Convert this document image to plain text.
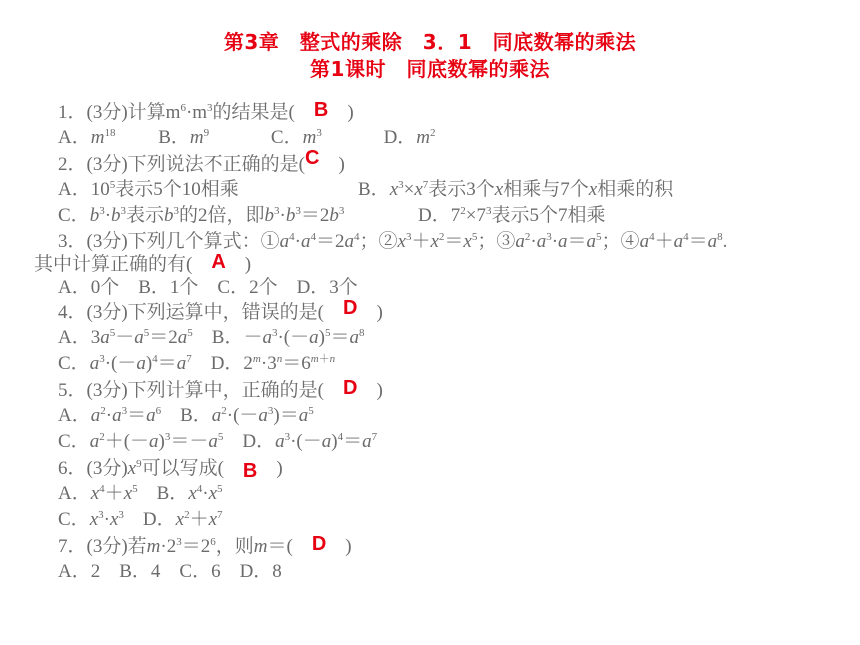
第3章　整式的乘除　3．1　同底数幂的乘法
第1课时　同底数幂的乘法
1．(3分)计算$m^6\cdot m^3$的结果是(　B　)
A．$m^{18}$　　 B．$m^9$　　　 C．$m^3$　　　 D．$m^2$
2．(3分)下列说法不正确的是(C　)
A．$10^5$表示5个10相乘	B．$x^3\times x^7$表示3个x相乘与7个x相乘的积
C．$b^3\cdot b^3$表示$b^3$的2倍，即$b^3\cdot b^3=2b^3$	D．$7^2\times 7^3$表示5个7相乘
3．(3分)下列几个算式：$①a^4\cdot a^4=2a^4$；$②x^3+x^2=x^5$；$③a^2\cdot a^3\cdot a=a^5$；$④a^4+a^4=a^8$.
其中计算正确的有(　A　)
A．0个　B．1个　C．2个　D．3个
4．(3分)下列运算中，错误的是(　D　)
A．$3a^5-a^5=2a^5$　B．$-a^3\cdot(-a)^5=a^8$
C．$a^3\cdot(-a)^4=a^7$　D．$2^m\cdot 3^n=6^{m+n}$
5．(3分)下列计算中，正确的是(　D　)
A．$a^2\cdot a^3=a^6$　B．$a^2\cdot(-a^3)=a^5$
C．$a^2+(-a)^3=-a^5$　D．$a^3\cdot(-a)^4=a^7$
6．(3分)$x^9$可以写成(　B　)
A．$x^4+x^5$　B．$x^4\cdot x^5$
C．$x^3\cdot x^3$　D．$x^2+x^7$
7．(3分)若$m\cdot 2^3=2^6$，则m＝(　D　)
A．2　B．4　C．6　D．8
